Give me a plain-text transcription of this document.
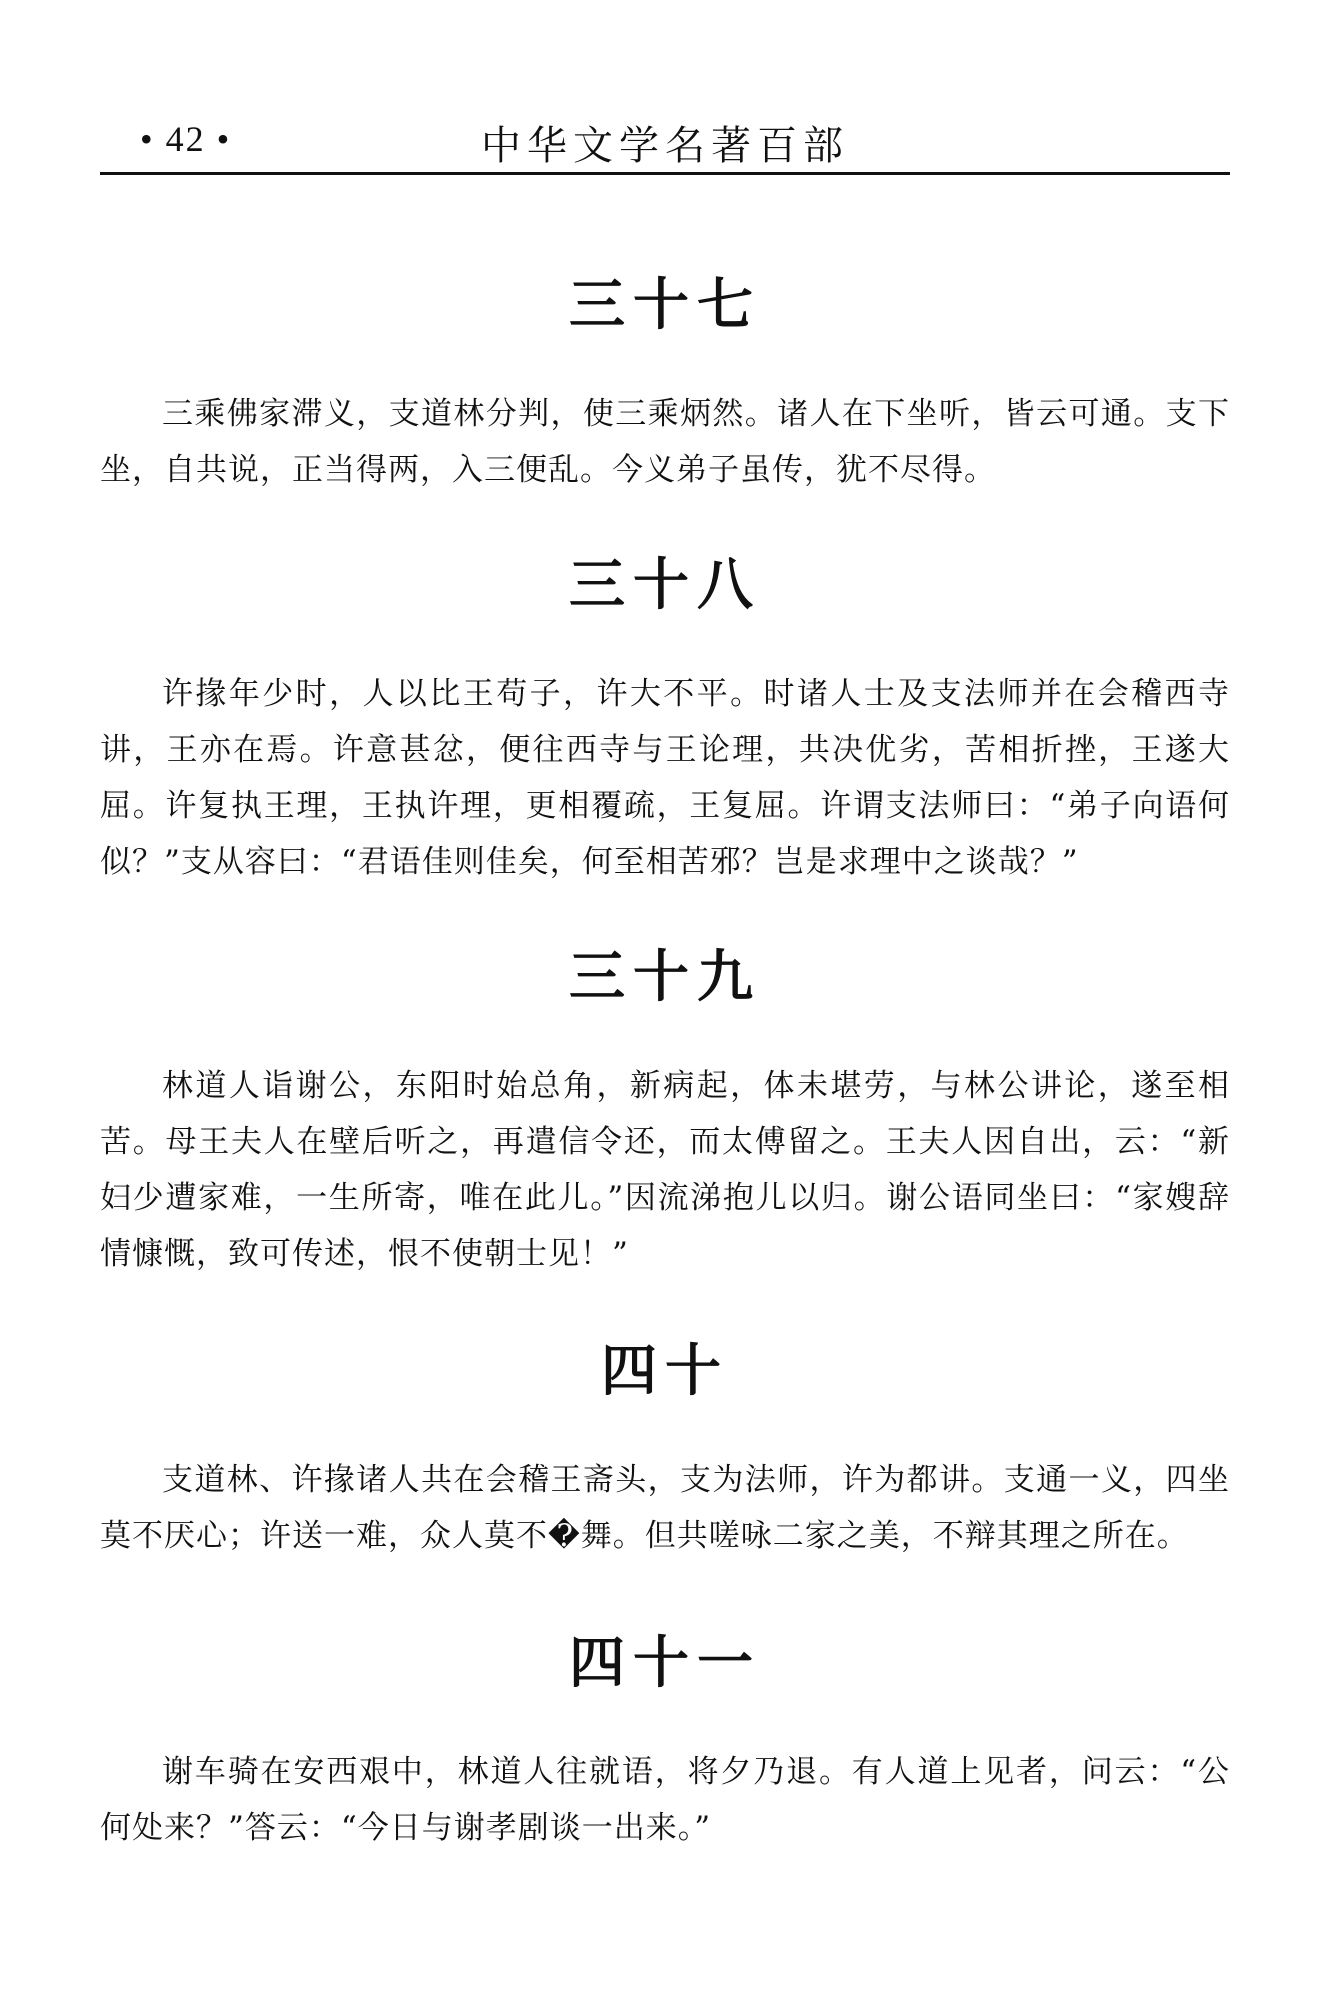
• 42 •	中华文学名著百部
三十七

三乘佛家滞义，支道林分判，使三乘炳然。诸人在下坐听，皆云可通。支下坐，自共说，正当得两，入三便乱。今义弟子虽传，犹不尽得。

三十八

许掾年少时，人以比王苟子，许大不平。时诸人士及支法师并在会稽西寺讲，王亦在焉。许意甚忿，便往西寺与王论理，共决优劣，苦相折挫，王遂大屈。许复执王理，王执许理，更相覆疏，王复屈。许谓支法师曰：“弟子向语何似？”支从容曰：“君语佳则佳矣，何至相苦邪？岂是求理中之谈哉？”

三十九

林道人诣谢公，东阳时始总角，新病起，体未堪劳，与林公讲论，遂至相苦。母王夫人在壁后听之，再遣信令还，而太傅留之。王夫人因自出，云：“新妇少遭家难，一生所寄，唯在此儿。”因流涕抱儿以归。谢公语同坐曰：“家嫂辞情慷慨，致可传述，恨不使朝士见！”

四十

支道林、许掾诸人共在会稽王斋头，支为法师，许为都讲。支通一义，四坐莫不厌心；许送一难，众人莫不�舞。但共嗟咏二家之美，不辩其理之所在。

四十一

谢车骑在安西艰中，林道人往就语，将夕乃退。有人道上见者，问云：“公何处来？”答云：“今日与谢孝剧谈一出来。”
